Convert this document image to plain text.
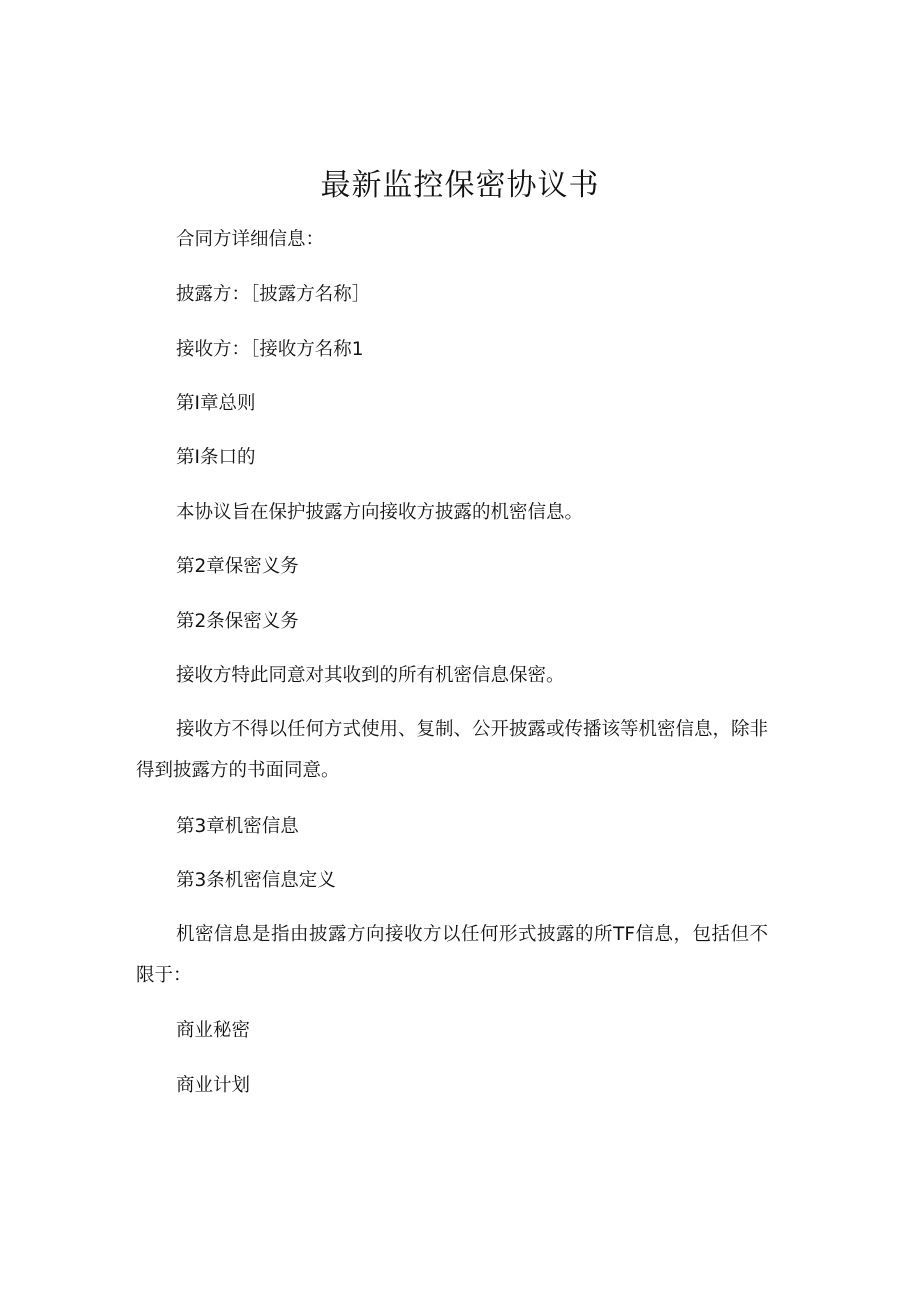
最新监控保密协议书
合同方详细信息：
披露方：［披露方名称］
接收方：［接收方名称1
第I章总则
第I条口的
本协议旨在保护披露方向接收方披露的机密信息。
第2章保密义务
第2条保密义务
接收方特此同意对其收到的所有机密信息保密。
接收方不得以任何方式使用、复制、公开披露或传播该等机密信息，除非得到披露方的书面同意。
第3章机密信息
第3条机密信息定义
机密信息是指由披露方向接收方以任何形式披露的所TF信息，包括但不限于：
商业秘密
商业计划
